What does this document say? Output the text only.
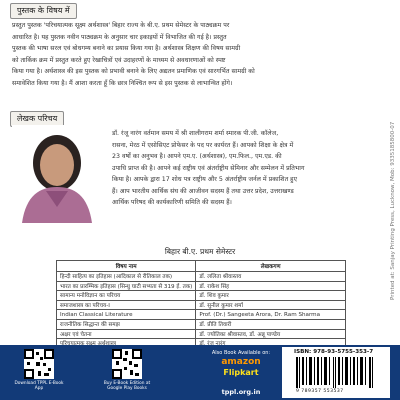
पुस्तक के विषय में
प्रस्तुत पुस्तक 'परिचयात्मक सूक्ष्म अर्थशास्त्र' बिहार राज्य के बी.ए. प्रथम सेमेस्टर के पाठ्यक्रम पर
आधारित है। यह पुस्तक नवीन पाठ्यक्रम के अनुसार चार इकाइयों में विभाजित की गई है। प्रस्तुत
पुस्तक की भाषा सरल एवं बोधगम्य बनाने का प्रयास किया गया है। अर्थशास्त्र शिक्षण की विषय सामग्री
को तार्किक क्रम में प्रस्तुत करते हुए रेखाचित्रों एवं उदाहरणों के माध्यम से अवधारणाओं को स्पष्ट
किया गया है। अर्थशास्त्र की इस पुस्तक को प्रभावी बनाने के लिए अद्यतन प्रमाणिक एवं सारगर्भित सामग्री को
समावेशित किया गया है। मैं आशा करता हूँ कि छात्र निश्चित रूप से इस पुस्तक से लाभान्वित होंगे।
लेखक परिचय
डॉ. रंजू नारंग वर्तमान समय में श्री शालीगराम शर्मा स्मारक पी.जी. कॉलेज,
रासना, मेरठ में एसोसिएट प्रोफेसर के पद पर कार्यरत हैं। आपको शिक्षा के क्षेत्र में
23 वर्षों का अनुभव है। आपने एम.ए. (अर्थशास्त्र), एम.फिल., एम.एड. की
उपाधि प्राप्त की है। आपने कई राष्ट्रीय एवं अंतर्राष्ट्रीय सेमिनार और सम्मेलन में प्रतिभाग
किया है। आपके द्वारा 17 शोध पत्र राष्ट्रीय और 5 अंतर्राष्ट्रीय जर्नल में प्रकाशित हुए
हैं। आप भारतीय आर्थिक संघ की आजीवन सदस्य हैं तथा उत्तर प्रदेश, उत्तराखण्ड
आर्थिक परिषद की कार्यकारिणी समिति की सदस्य हैं।	Printed at: Sanjay Printing Press, Lucknow, Mob: 9335185800-07
बिहार बी.ए. प्रथम सेमेस्टर
विषय नाम	लेखकगण
हिन्दी साहित्य का इतिहास (आदिकाल से रीतिकाल तक)	डॉ. ललिता श्रीवास्तव
भारत का प्रारम्भिक इतिहास (सिन्धु घाटी सभ्यता से 319 ई. तक)	डॉ. राकेश सिंह
सामान्य मनोविज्ञान का परिचय	डॉ. शिव कुमार
समाजशास्त्र का परिचय-I	डॉ. सुनील कुमार शर्मा
Indian Classical Literature	Prof. (Dr.) Sangeeta Arora, Dr. Ram Sharma
राजनीतिक सिद्धान्त की समझ	डॉ. प्रीति तिवारी
अक्षर एवं चेतना	डॉ. ज्योतिका श्रीवास्तव, डॉ. अन्नू पाण्डेय

Download TPPL E-Book App
Buy E-Book Edition at Google Play Books
Also Book Available on:
amazon
Flipkart
tppl.org.in
ISBN: 978-93-5755-353-7
9 789357 553537
